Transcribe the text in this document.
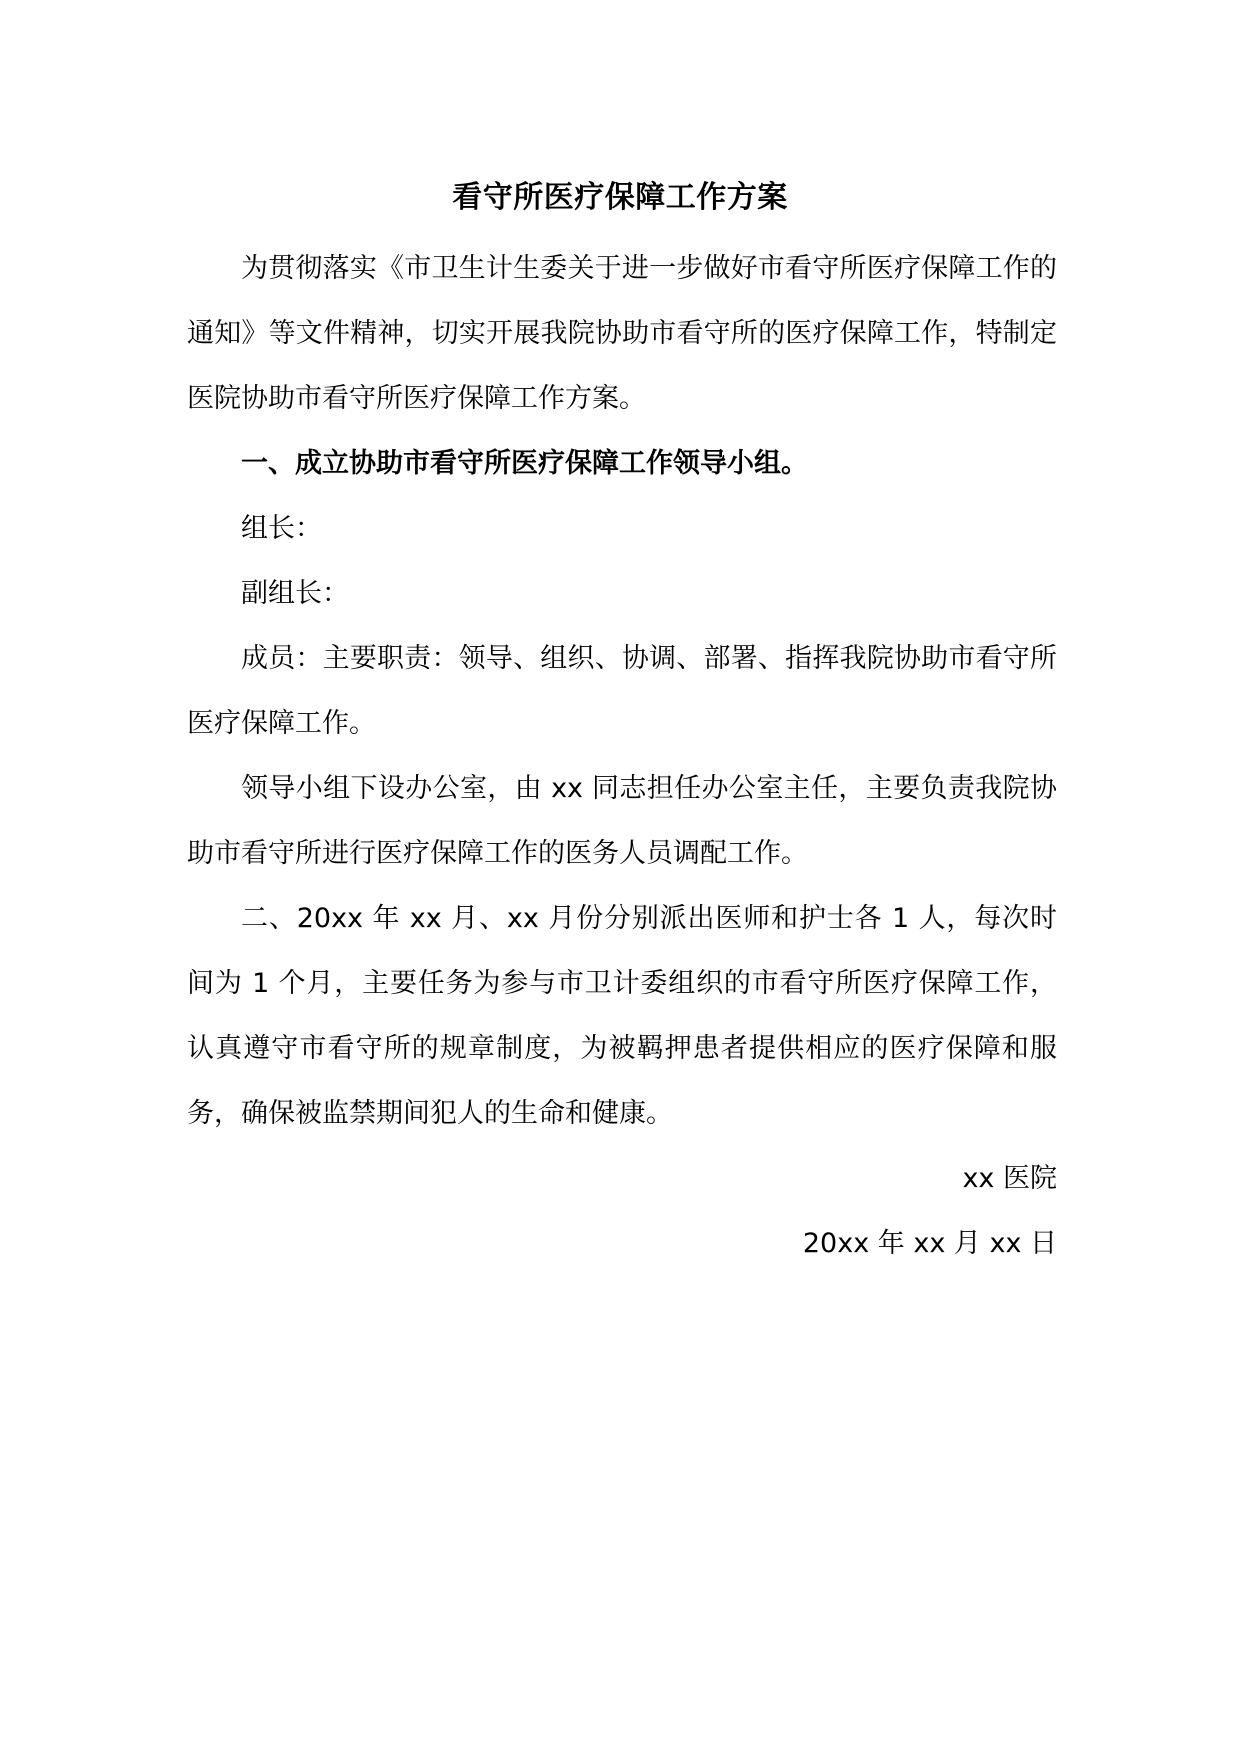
看守所医疗保障工作方案

为贯彻落实《市卫生计生委关于进一步做好市看守所医疗保障工作的通知》等文件精神，切实开展我院协助市看守所的医疗保障工作，特制定医院协助市看守所医疗保障工作方案。

一、成立协助市看守所医疗保障工作领导小组。

组长：

副组长：

成员：主要职责：领导、组织、协调、部署、指挥我院协助市看守所医疗保障工作。

领导小组下设办公室，由 xx 同志担任办公室主任，主要负责我院协助市看守所进行医疗保障工作的医务人员调配工作。

二、20xx 年 xx 月、xx 月份分别派出医师和护士各 1 人，每次时间为 1 个月，主要任务为参与市卫计委组织的市看守所医疗保障工作，认真遵守市看守所的规章制度，为被羁押患者提供相应的医疗保障和服务，确保被监禁期间犯人的生命和健康。

xx 医院

20xx 年 xx 月 xx 日
